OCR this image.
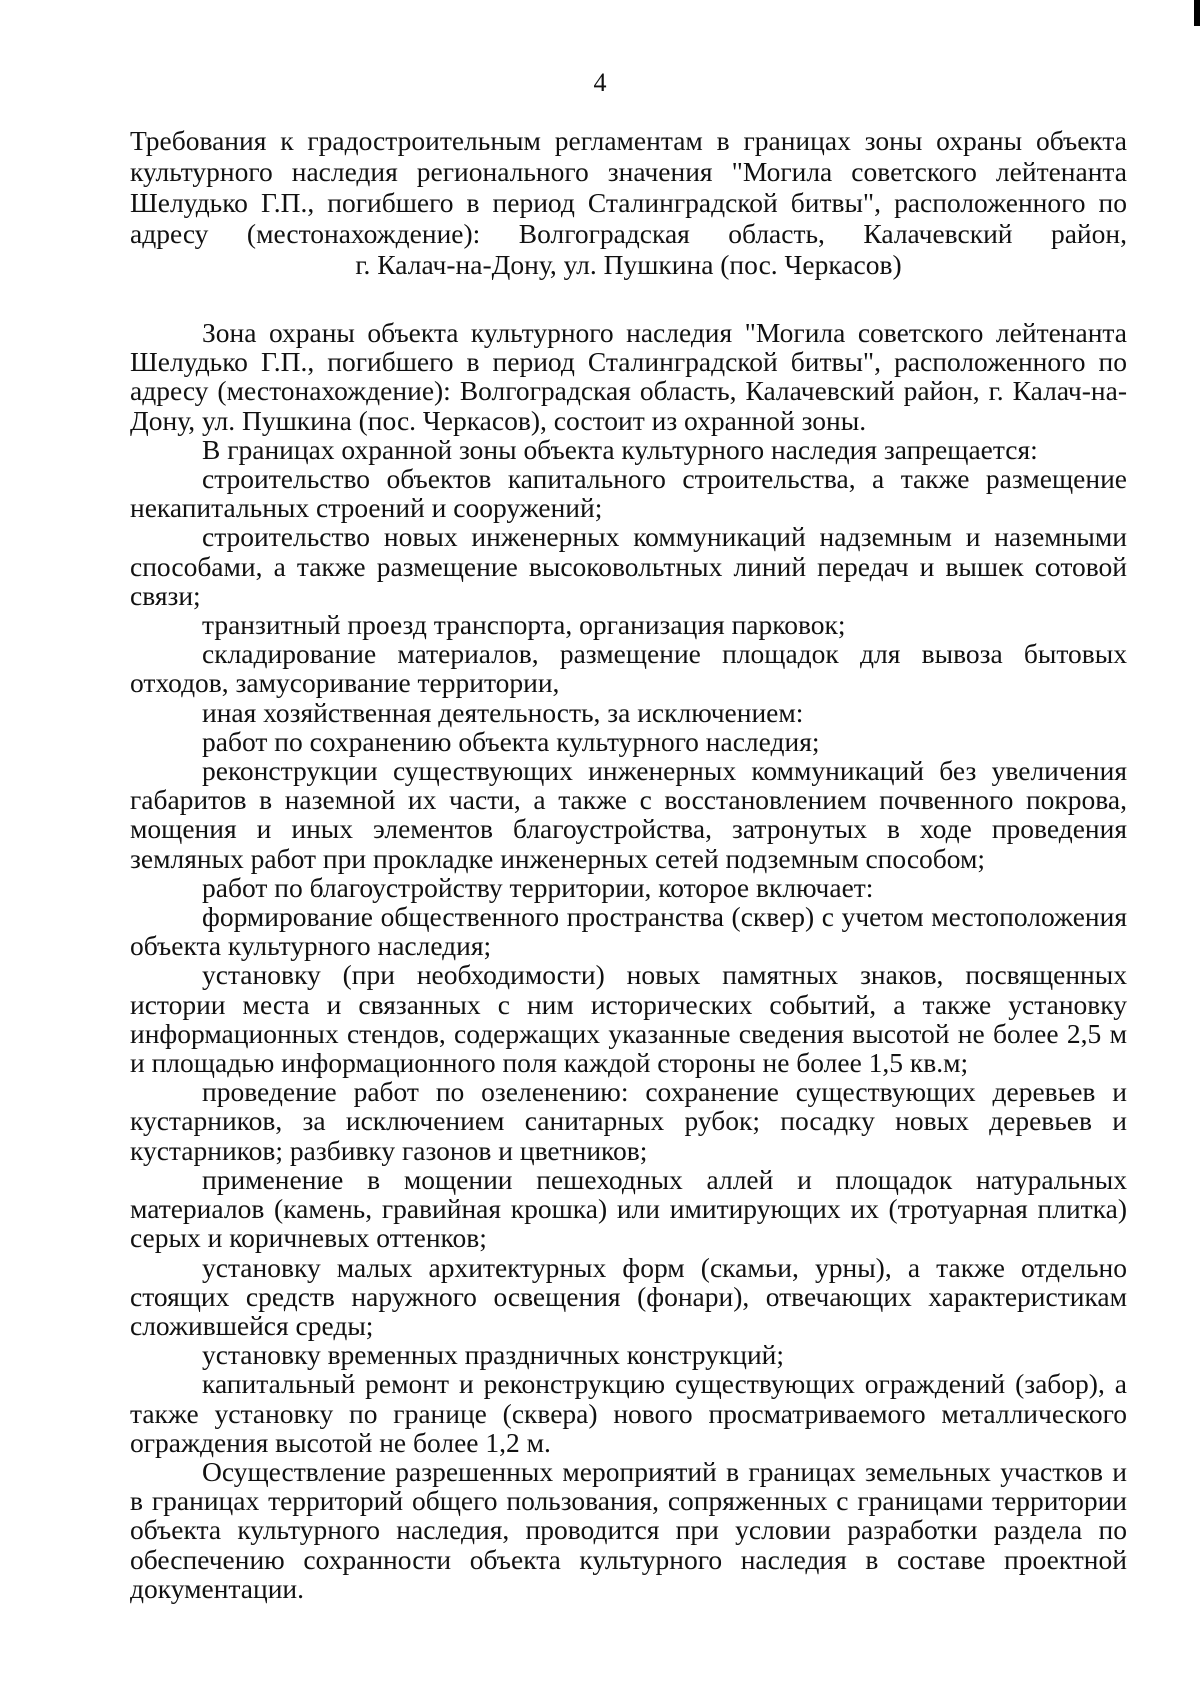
4
Требования к градостроительным регламентам в границах зоны охраны объекта
культурного наследия регионального значения "Могила советского лейтенанта
Шелудько Г.П., погибшего в период Сталинградской битвы", расположенного по
адресу (местонахождение): Волгоградская область, Калачевский район,
г. Калач-на-Дону, ул. Пушкина (пос. Черкасов)

Зона охраны объекта культурного наследия "Могила советского лейтенанта Шелудько Г.П., погибшего в период Сталинградской битвы", расположенного по адресу (местонахождение): Волгоградская область, Калачевский район, г. Калач-на-Дону, ул. Пушкина (пос. Черкасов), состоит из охранной зоны.

В границах охранной зоны объекта культурного наследия запрещается:

строительство объектов капитального строительства, а также размещение некапитальных строений и сооружений;

строительство новых инженерных коммуникаций надземным и наземными способами, а также размещение высоковольтных линий передач и вышек сотовой связи;

транзитный проезд транспорта, организация парковок;

складирование материалов, размещение площадок для вывоза бытовых отходов, замусоривание территории,

иная хозяйственная деятельность, за исключением:

работ по сохранению объекта культурного наследия;

реконструкции существующих инженерных коммуникаций без увеличения габаритов в наземной их части, а также с восстановлением почвенного покрова, мощения и иных элементов благоустройства, затронутых в ходе проведения земляных работ при прокладке инженерных сетей подземным способом;

работ по благоустройству территории, которое включает:

формирование общественного пространства (сквер) с учетом местоположения объекта культурного наследия;

установку (при необходимости) новых памятных знаков, посвященных истории места и связанных с ним исторических событий, а также установку информационных стендов, содержащих указанные сведения высотой не более 2,5 м и площадью информационного поля каждой стороны не более 1,5 кв.м;

проведение работ по озеленению: сохранение существующих деревьев и кустарников, за исключением санитарных рубок; посадку новых деревьев и кустарников; разбивку газонов и цветников;

применение в мощении пешеходных аллей и площадок натуральных материалов (камень, гравийная крошка) или имитирующих их (тротуарная плитка) серых и коричневых оттенков;

установку малых архитектурных форм (скамьи, урны), а также отдельно стоящих средств наружного освещения (фонари), отвечающих характеристикам сложившейся среды;

установку временных праздничных конструкций;

капитальный ремонт и реконструкцию существующих ограждений (забор), а также установку по границе (сквера) нового просматриваемого металлического ограждения высотой не более 1,2 м.

Осуществление разрешенных мероприятий в границах земельных участков и в границах территорий общего пользования, сопряженных с границами территории объекта культурного наследия, проводится при условии разработки раздела по обеспечению сохранности объекта культурного наследия в составе проектной документации.
